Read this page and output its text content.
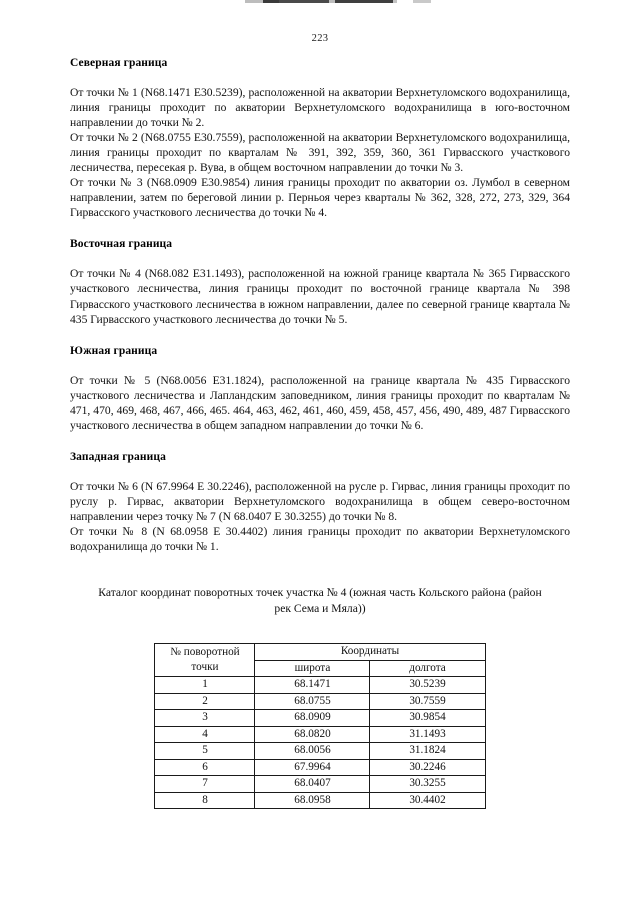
223
Северная граница

От точки № 1 (N68.1471 E30.5239), расположенной на акватории Верхнетуломского водохранилища, линия границы проходит по акватории Верхнетуломского водохранилища в юго-восточном направлении до точки № 2.

От точки № 2 (N68.0755 E30.7559), расположенной на акватории Верхнетуломского водохранилища, линия границы проходит по кварталам № 391, 392, 359, 360, 361 Гирвасского участкового лесничества, пересекая р. Вува, в общем восточном направлении до точки № 3.

От точки № 3 (N68.0909 E30.9854) линия границы проходит по акватории оз. Лумбол в северном направлении, затем по береговой линии р. Перньоя через кварталы № 362, 328, 272, 273, 329, 364 Гирвасского участкового лесничества до точки № 4.

Восточная граница

От точки № 4 (N68.082 E31.1493), расположенной на южной границе квартала № 365 Гирвасского участкового лесничества, линия границы проходит по восточной границе квартала № 398 Гирвасского участкового лесничества в южном направлении, далее по северной границе квартала № 435 Гирвасского участкового лесничества до точки № 5.

Южная граница

От точки № 5 (N68.0056 E31.1824), расположенной на границе квартала № 435 Гирвасского участкового лесничества и Лапландским заповедником, линия границы проходит по кварталам № 471, 470, 469, 468, 467, 466, 465. 464, 463, 462, 461, 460, 459, 458, 457, 456, 490, 489, 487 Гирвасского участкового лесничества в общем западном направлении до точки № 6.

Западная граница

От точки № 6 (N 67.9964 E 30.2246), расположенной на русле р. Гирвас, линия границы проходит по руслу р. Гирвас, акватории Верхнетуломского водохранилища в общем северо-восточном направлении через точку № 7 (N 68.0407 E 30.3255) до точки № 8.

От точки № 8 (N 68.0958 E 30.4402) линия границы проходит по акватории Верхнетуломского водохранилища до точки № 1.

Каталог координат поворотных точек участка № 4 (южная часть Кольского района (район рек Сема и Мяла))
№ поворотной
точки	Координаты	
	широта	долгота
1	68.1471	30.5239
2	68.0755	30.7559
3	68.0909	30.9854
4	68.0820	31.1493
5	68.0056	31.1824
6	67.9964	30.2246
7	68.0407	30.3255
8	68.0958	30.4402
